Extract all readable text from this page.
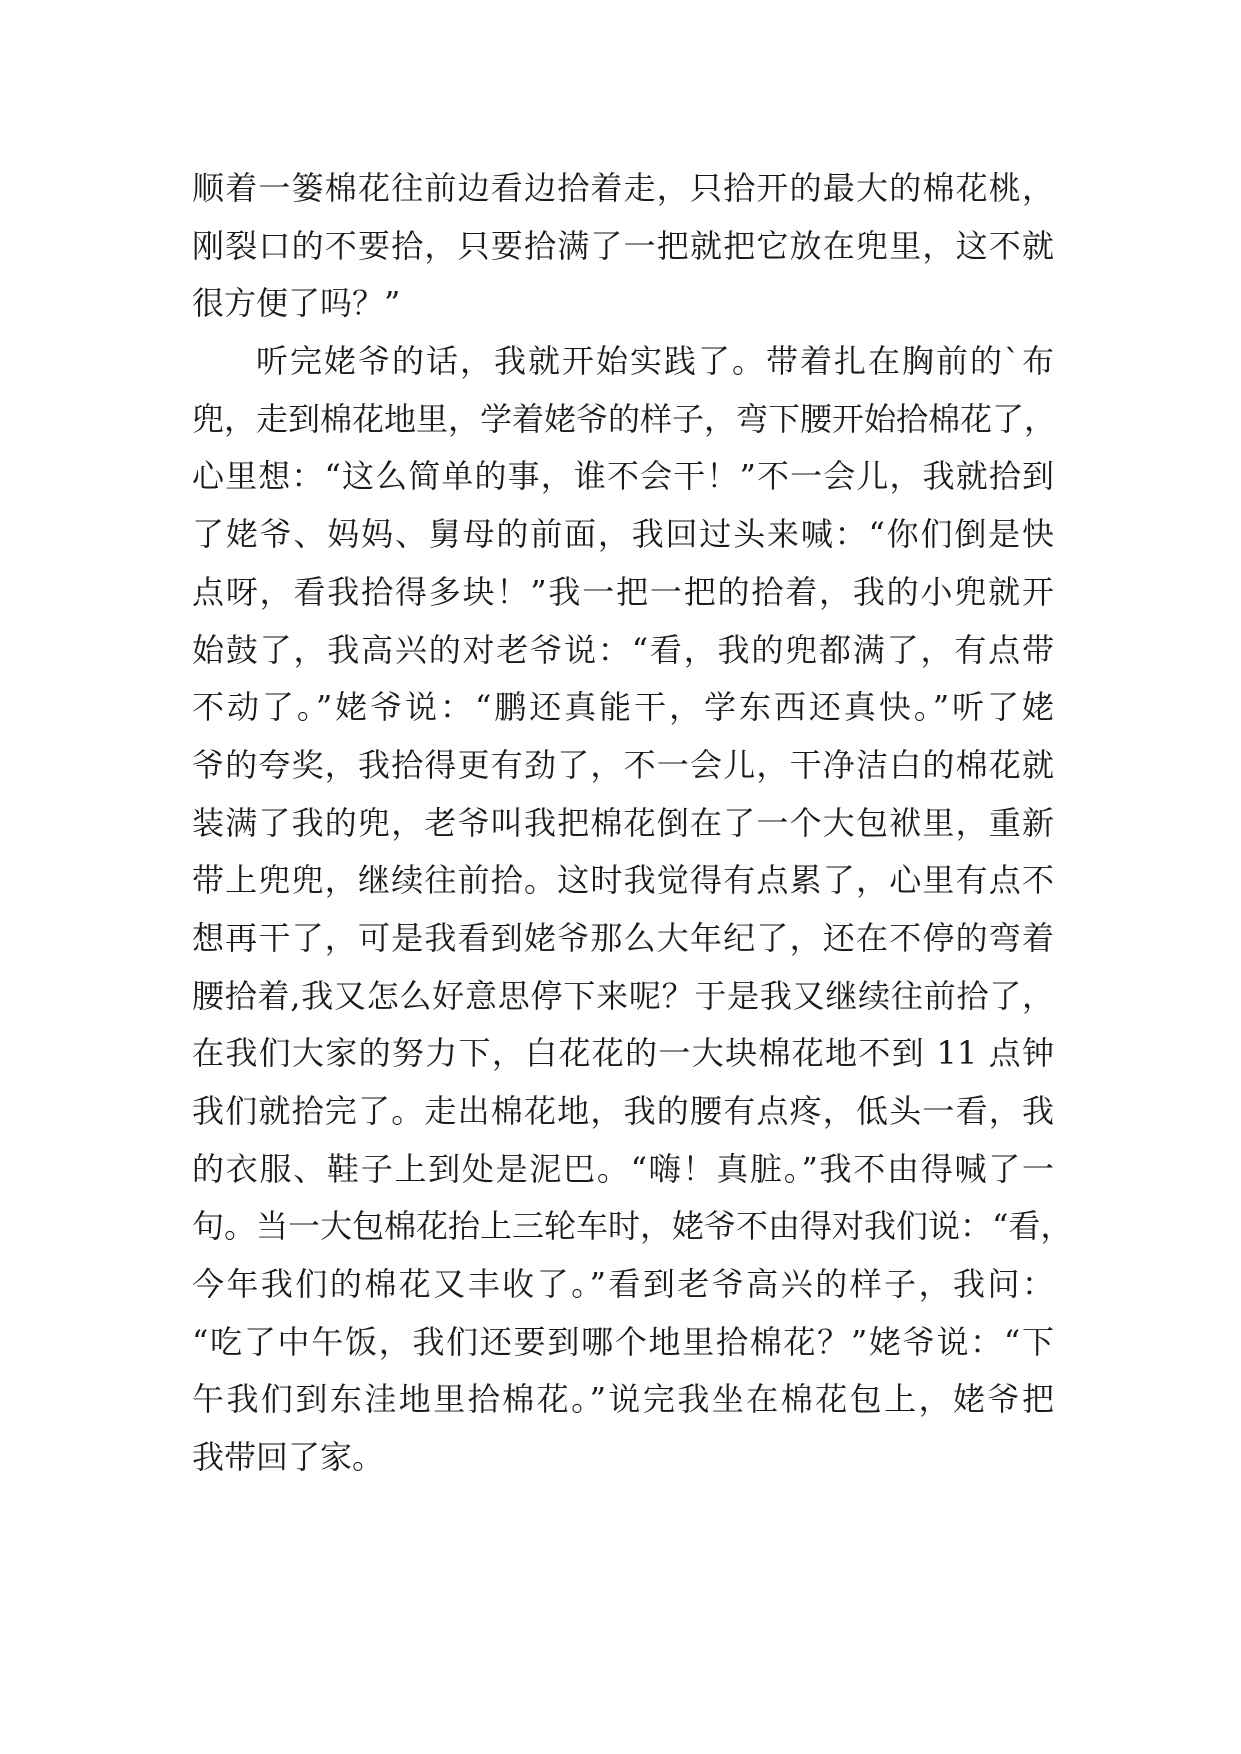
顺着一篓棉花往前边看边拾着走，只拾开的最大的棉花桃，
刚裂口的不要拾，只要拾满了一把就把它放在兜里，这不就
很方便了吗？”
听完姥爷的话，我就开始实践了。带着扎在胸前的`布
兜，走到棉花地里，学着姥爷的样子，弯下腰开始拾棉花了，
心里想：“这么简单的事，谁不会干！”不一会儿，我就拾到
了姥爷、妈妈、舅母的前面，我回过头来喊：“你们倒是快
点呀，看我拾得多块！”我一把一把的拾着，我的小兜就开
始鼓了，我高兴的对老爷说：“看，我的兜都满了，有点带
不动了。”姥爷说：“鹏还真能干，学东西还真快。”听了姥
爷的夸奖，我拾得更有劲了，不一会儿，干净洁白的棉花就
装满了我的兜，老爷叫我把棉花倒在了一个大包袱里，重新
带上兜兜，继续往前拾。这时我觉得有点累了，心里有点不
想再干了，可是我看到姥爷那么大年纪了，还在不停的弯着
腰拾着,我又怎么好意思停下来呢？于是我又继续往前拾了，
在我们大家的努力下，白花花的一大块棉花地不到 11 点钟
我们就拾完了。走出棉花地，我的腰有点疼，低头一看，我
的衣服、鞋子上到处是泥巴。“嗨！真脏。”我不由得喊了一
句。当一大包棉花抬上三轮车时，姥爷不由得对我们说：“看，
今年我们的棉花又丰收了。”看到老爷高兴的样子，我问：
“吃了中午饭，我们还要到哪个地里拾棉花？”姥爷说：“下
午我们到东洼地里拾棉花。”说完我坐在棉花包上，姥爷把
我带回了家。
